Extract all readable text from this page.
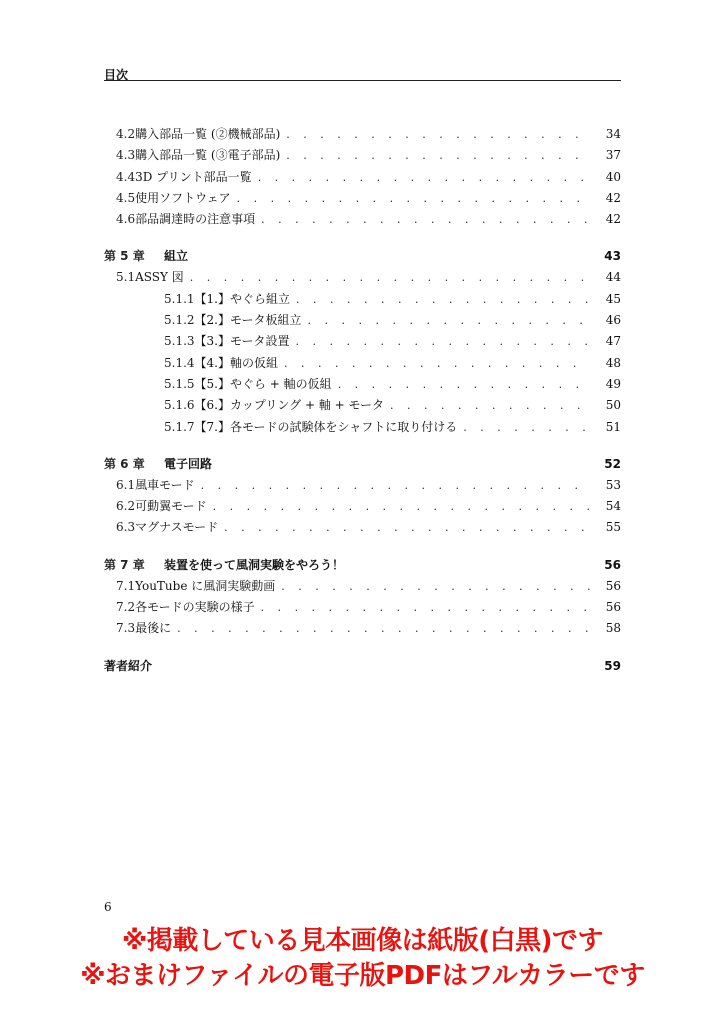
目次
4.2 購入部品一覧 (②機械部品) . . .	34
4.3 購入部品一覧 (③電子部品) . . .	37
4.4 3D プリント部品一覧 . . .	40
4.5 使用ソフトウェア . . .	42
4.6 部品調達時の注意事項 . . .	42
第 5 章	組立	43
5.1 ASSY 図 . . .	44
5.1.1 【1.】やぐら組立 . . .	45
5.1.2 【2.】モータ板組立 . . .	46
5.1.3 【3.】モータ設置 . . .	47
5.1.4 【4.】軸の仮組 . . .	48
5.1.5 【5.】やぐら + 軸の仮組 . . .	49
5.1.6 【6.】カップリング + 軸 + モータ . . .	50
5.1.7 【7.】各モードの試験体をシャフトに取り付ける . . .	51
第 6 章	電子回路	52
6.1 風車モード . . .	53
6.2 可動翼モード . . .	54
6.3 マグナスモード . . .	55
第 7 章	装置を使って風洞実験をやろう！	56
7.1 YouTube に風洞実験動画 . . .	56
7.2 各モードの実験の様子 . . .	56
7.3 最後に . . .	58
著者紹介	59
6
※掲載している見本画像は紙版(白黒)です
※おまけファイルの電子版PDFはフルカラーです
